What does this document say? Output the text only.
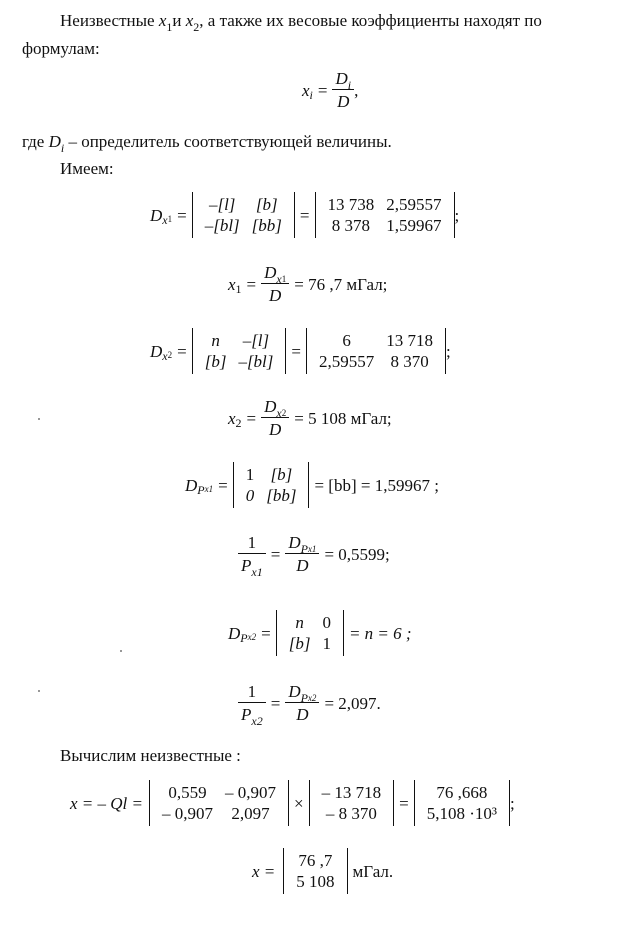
Неизвестные $x_1и$ $x_2$, а также их весовые коэффициенты находят по
формулам:
x $i = \frac{D_i}{D}$ ,
где $D_i$ – определитель соответствующей величины.
Имеем:
D x 1 =
–[l]	[b]
–[bl]	[bb]
=
13 738	2,59557
8 378	1,59967
;
x $1 = \frac{D_{x1}}{D} = 76$ ,7 мГал;
D x 2 =
n	–[l]
[b]	–[bl]
=
6	13 718
2,59557	8 370
;
x $2 = \frac{D_{x2}}{D} = 5$ 108 мГал;
D P x1 =
1	[b]
0	[bb]
= [bb] = 1,59967 ;
$\frac{1}{P_{x1}} = \frac{D_{Px1}}{D} = 0,5599$;
D P x2 =
n	0
[b]	1
= n = 6 ;
$\frac{1}{P_{x2}} = \frac{D_{Px2}}{D} = 2,097$.
Вычислим неизвестные :
x = – Ql =
0,559	– 0,907
– 0,907	2,097
×
– 13 718
– 8 370
=
76 ,668
5,108 ·10³
;
x =
76 ,7
5 108
мГал.
